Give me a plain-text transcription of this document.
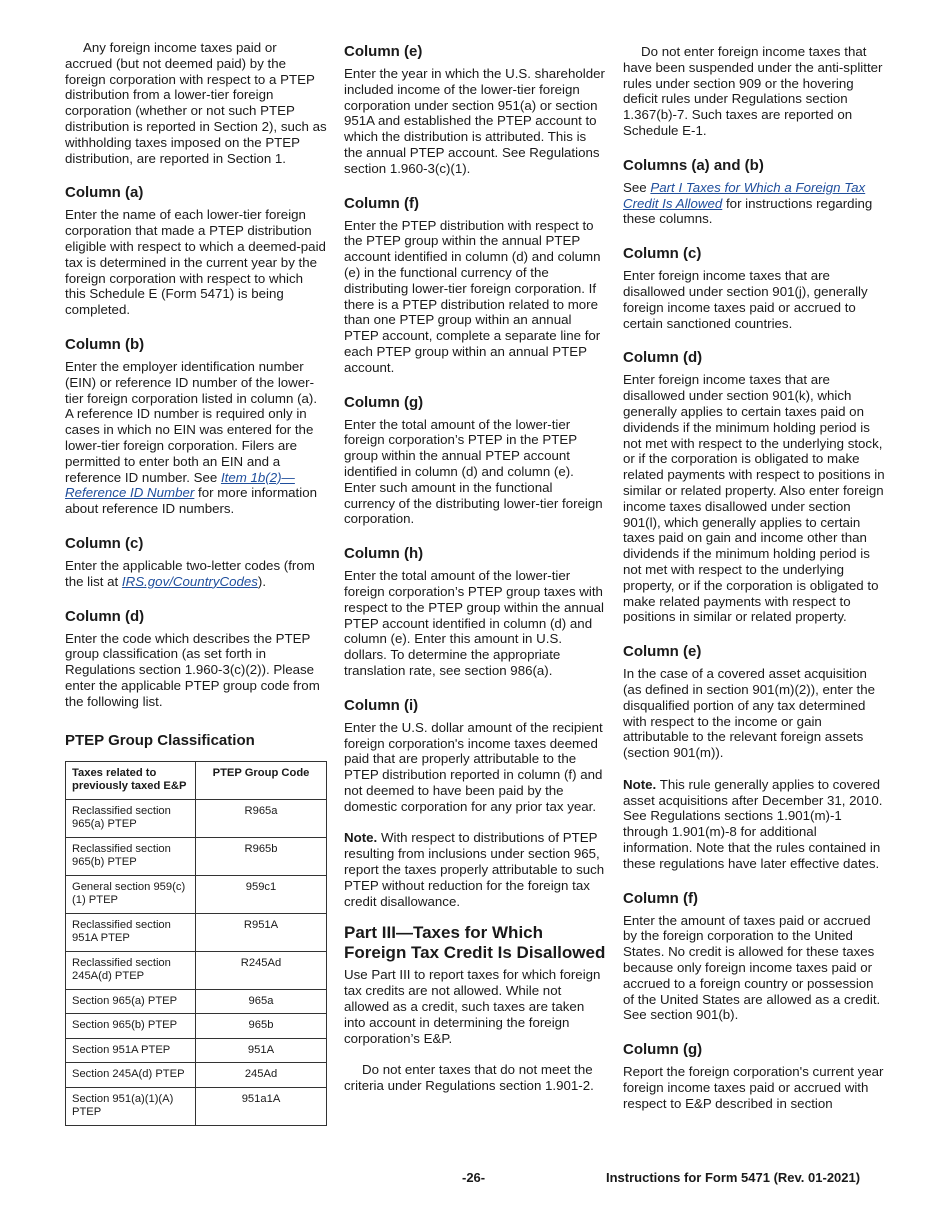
Any foreign income taxes paid or accrued (but not deemed paid) by the foreign corporation with respect to a PTEP distribution from a lower-tier foreign corporation (whether or not such PTEP distribution is reported in Section 2), such as withholding taxes imposed on the PTEP distribution, are reported in Section 1.

Column (a)

Enter the name of each lower-tier foreign corporation that made a PTEP distribution eligible with respect to which a deemed-paid tax is determined in the current year by the foreign corporation with respect to which this Schedule E (Form 5471) is being completed.

Column (b)

Enter the employer identification number (EIN) or reference ID number of the lower-tier foreign corporation listed in column (a). A reference ID number is required only in cases in which no EIN was entered for the lower-tier foreign corporation. Filers are permitted to enter both an EIN and a reference ID number. See Item 1b(2)—Reference ID Number for more information about reference ID numbers.

Column (c)

Enter the applicable two-letter codes (from the list at IRS.gov/CountryCodes).

Column (d)

Enter the code which describes the PTEP group classification (as set forth in Regulations section 1.960-3(c)(2)). Please enter the applicable PTEP group code from the following list.

PTEP Group Classification
Taxes related to previously taxed E&P	PTEP Group Code
Reclassified section 965(a) PTEP	R965a
Reclassified section 965(b) PTEP	R965b
General section 959(c)(1) PTEP	959c1
Reclassified section 951A PTEP	R951A
Reclassified section 245A(d) PTEP	R245Ad
Section 965(a) PTEP	965a
Section 965(b) PTEP	965b
Section 951A PTEP	951A
Section 245A(d) PTEP	245Ad
Section 951(a)(1)(A) PTEP	951a1A
Column (e)

Enter the year in which the U.S. shareholder included income of the lower-tier foreign corporation under section 951(a) or section 951A and established the PTEP account to which the distribution is attributed. This is the annual PTEP account. See Regulations section 1.960-3(c)(1).

Column (f)

Enter the PTEP distribution with respect to the PTEP group within the annual PTEP account identified in column (d) and column (e) in the functional currency of the distributing lower-tier foreign corporation. If there is a PTEP distribution related to more than one PTEP group within an annual PTEP account, complete a separate line for each PTEP group within an annual PTEP account.

Column (g)

Enter the total amount of the lower-tier foreign corporation’s PTEP in the PTEP group within the annual PTEP account identified in column (d) and column (e). Enter such amount in the functional currency of the distributing lower-tier foreign corporation.

Column (h)

Enter the total amount of the lower-tier foreign corporation’s PTEP group taxes with respect to the PTEP group within the annual PTEP account identified in column (d) and column (e). Enter this amount in U.S. dollars. To determine the appropriate translation rate, see section 986(a).

Column (i)

Enter the U.S. dollar amount of the recipient foreign corporation's income taxes deemed paid that are properly attributable to the PTEP distribution reported in column (f) and not deemed to have been paid by the domestic corporation for any prior tax year.

Note. With respect to distributions of PTEP resulting from inclusions under section 965, report the taxes properly attributable to such PTEP without reduction for the foreign tax credit disallowance.

Part III—Taxes for Which Foreign Tax Credit Is Disallowed

Use Part III to report taxes for which foreign tax credits are not allowed. While not allowed as a credit, such taxes are taken into account in determining the foreign corporation’s E&P.

Do not enter taxes that do not meet the criteria under Regulations section 1.901-2.

Do not enter foreign income taxes that have been suspended under the anti-splitter rules under section 909 or the hovering deficit rules under Regulations section 1.367(b)-7. Such taxes are reported on Schedule E-1.

Columns (a) and (b)

See Part I Taxes for Which a Foreign Tax Credit Is Allowed for instructions regarding these columns.

Column (c)

Enter foreign income taxes that are disallowed under section 901(j), generally foreign income taxes paid or accrued to certain sanctioned countries.

Column (d)

Enter foreign income taxes that are disallowed under section 901(k), which generally applies to certain taxes paid on dividends if the minimum holding period is not met with respect to the underlying stock, or if the corporation is obligated to make related payments with respect to positions in similar or related property. Also enter foreign income taxes disallowed under section 901(l), which generally applies to certain taxes paid on gain and income other than dividends if the minimum holding period is not met with respect to the underlying property, or if the corporation is obligated to make related payments with respect to positions in similar or related property.

Column (e)

In the case of a covered asset acquisition (as defined in section 901(m)(2)), enter the disqualified portion of any tax determined with respect to the income or gain attributable to the relevant foreign assets (section 901(m)).

Note. This rule generally applies to covered asset acquisitions after December 31, 2010. See Regulations sections 1.901(m)-1 through 1.901(m)-8 for additional information. Note that the rules contained in these regulations have later effective dates.

Column (f)

Enter the amount of taxes paid or accrued by the foreign corporation to the United States. No credit is allowed for these taxes because only foreign income taxes paid or accrued to a foreign country or possession of the United States are allowed as a credit. See section 901(b).

Column (g)

Report the foreign corporation's current year foreign income taxes paid or accrued with respect to E&P described in section

-26-	Instructions for Form 5471 (Rev. 01-2021)
